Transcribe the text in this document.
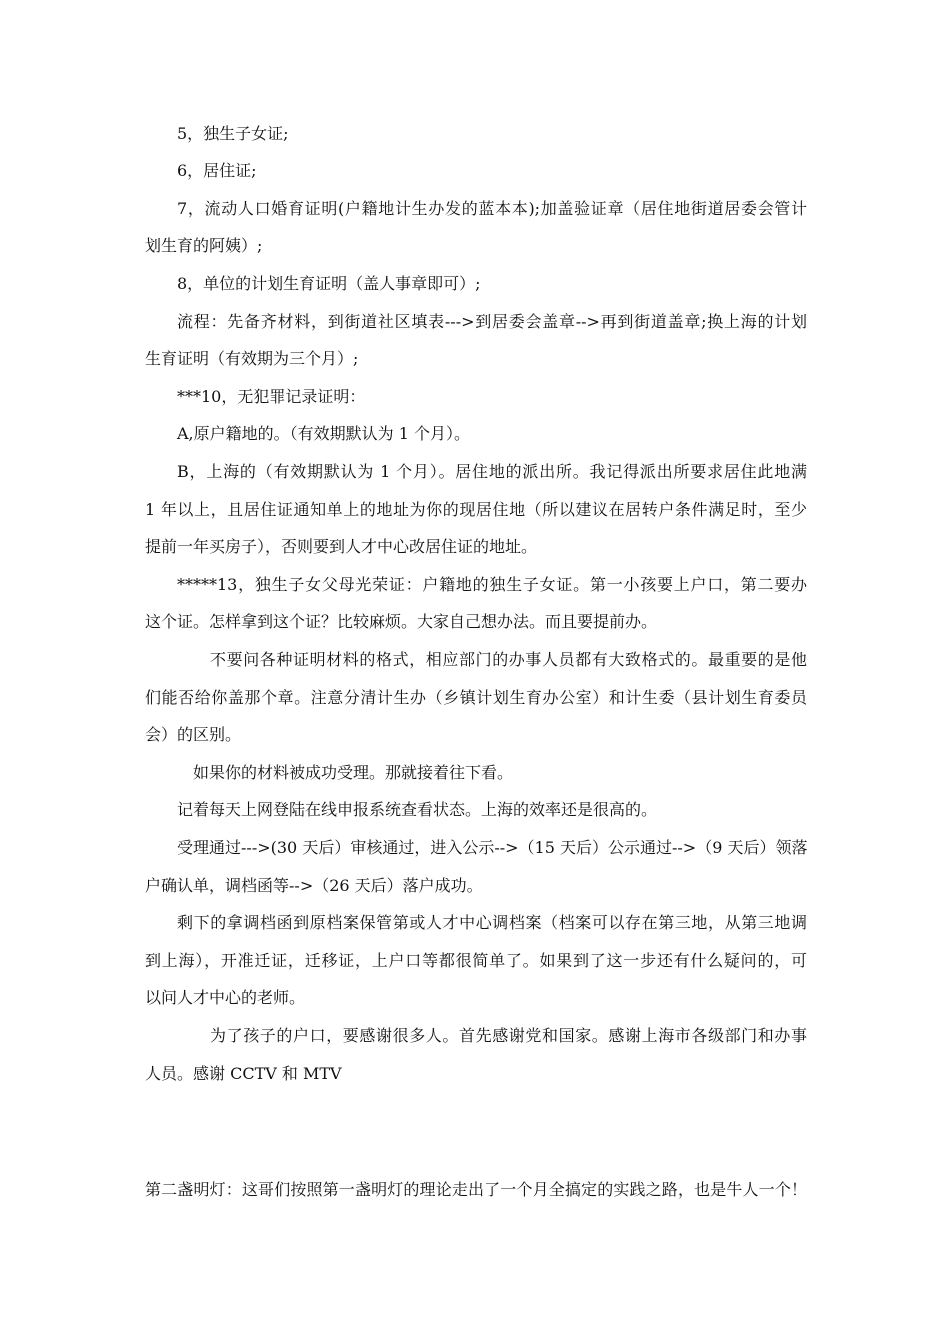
5，独生子女证;
6，居住证;
7，流动人口婚育证明(户籍地计生办发的蓝本本);加盖验证章（居住地街道居委会管计
划生育的阿姨）;
8，单位的计划生育证明（盖人事章即可）;
流程：先备齐材料，到街道社区填表--->到居委会盖章-->再到街道盖章;换上海的计划
生育证明（有效期为三个月）;
***10，无犯罪记录证明：
A,原户籍地的。（有效期默认为 1 个月）。
B，上海的（有效期默认为 1 个月）。居住地的派出所。我记得派出所要求居住此地满
1 年以上，且居住证通知单上的地址为你的现居住地（所以建议在居转户条件满足时，至少
提前一年买房子），否则要到人才中心改居住证的地址。
*****13，独生子女父母光荣证：户籍地的独生子女证。第一小孩要上户口，第二要办
这个证。怎样拿到这个证？比较麻烦。大家自己想办法。而且要提前办。
不要问各种证明材料的格式，相应部门的办事人员都有大致格式的。最重要的是他
们能否给你盖那个章。注意分清计生办（乡镇计划生育办公室）和计生委（县计划生育委员
会）的区别。
如果你的材料被成功受理。那就接着往下看。
记着每天上网登陆在线申报系统查看状态。上海的效率还是很高的。
受理通过--->(30 天后）审核通过，进入公示-->（15 天后）公示通过-->（9 天后）领落
户确认单，调档函等-->（26 天后）落户成功。
剩下的拿调档函到原档案保管第或人才中心调档案（档案可以存在第三地，从第三地调
到上海），开准迁证，迁移证，上户口等都很简单了。如果到了这一步还有什么疑问的，可
以问人才中心的老师。
为了孩子的户口，要感谢很多人。首先感谢党和国家。感谢上海市各级部门和办事
人员。感谢 CCTV 和 MTV
第二盏明灯：这哥们按照第一盏明灯的理论走出了一个月全搞定的实践之路，也是牛人一个！
